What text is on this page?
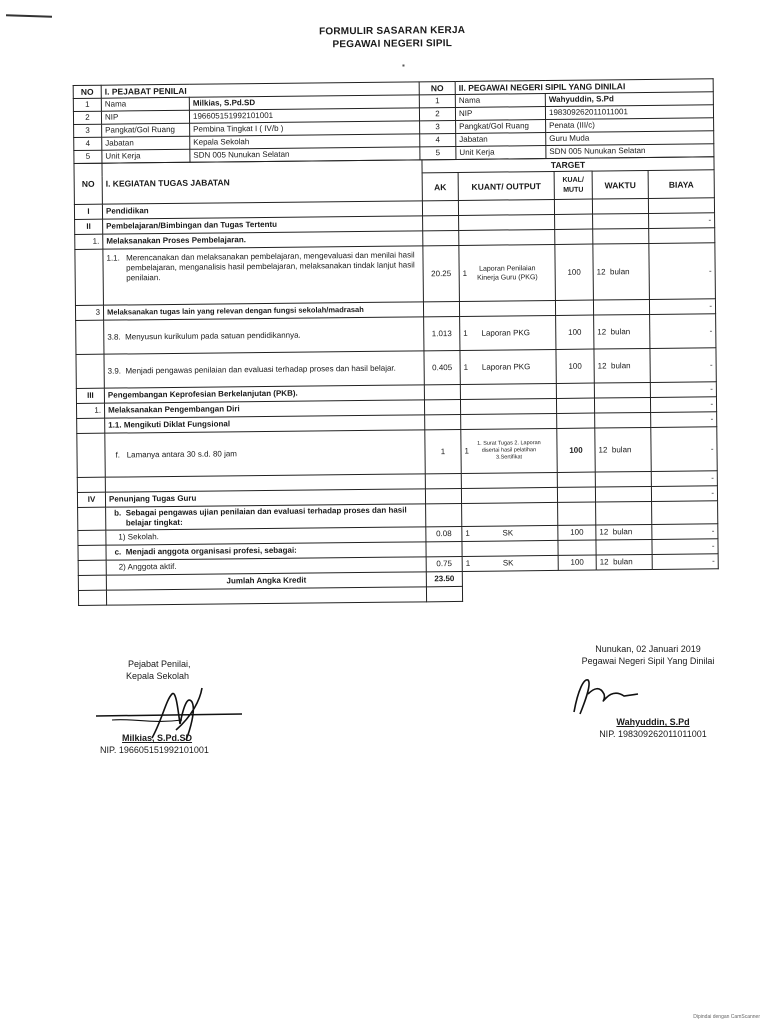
FORMULIR SASARAN KERJA
PEGAWAI NEGERI SIPIL
NO	I. PEJABAT PENILAI		NO	II. PEGAWAI NEGERI SIPIL YANG DINILAI	
1	Nama	Milkias, S.Pd.SD	1	Nama	Wahyuddin, S.Pd
2	NIP	196605151992101001	2	NIP	198309262011011001
3	Pangkat/Gol Ruang	Pembina Tingkat I ( IV/b )	3	Pangkat/Gol Ruang	Penata (III/c)
4	Jabatan	Kepala Sekolah	4	Jabatan	Guru Muda
5	Unit Kerja	SDN 005 Nunukan Selatan	5	Unit Kerja	SDN 005 Nunukan Selatan
NO	I. KEGIATAN TUGAS JABATAN	TARGET				
		AK	KUANT/ OUTPUT	KUAL/ MUTU	WAKTU	BIAYA
I	Pendidikan					
II	Pembelajaran/Bimbingan dan Tugas Tertentu					-
1.	Melaksanakan Proses Pembelajaran.					
	1.1. Merencanakan dan melaksanakan pembelajaran, mengevaluasi dan menilai hasil pembelajaran, menganalisis hasil pembelajaran, melaksanakan tindak lanjut hasil penilaian.	20.25	1 Laporan Penilaian Kinerja Guru (PKG)	100	12 bulan	-
3	Melaksanakan tugas lain yang relevan dengan fungsi sekolah/madrasah					-
	3.8. Menyusun kurikulum pada satuan pendidikannya.	1.013	1 Laporan PKG	100	12 bulan	-
	3.9. Menjadi pengawas penilaian dan evaluasi terhadap proses dan hasil belajar.	0.405	1 Laporan PKG	100	12 bulan	-
III	Pengembangan Keprofesian Berkelanjutan (PKB).					-
1.	Melaksanakan Pengembangan Diri					-
	1.1. Mengikuti Diklat Fungsional					-
	f. Lamanya antara 30 s.d. 80 jam	1	11. Surat Tugas 2. Laporan disertai hasil pelatihan 3.Sertifikat	100	12 bulan	-
						-
IV	Penunjang Tugas Guru					-
	b. Sebagai pengawas ujian penilaian dan evaluasi terhadap proses dan hasil belajar tingkat:					
	1) Sekolah.	0.08	1 SK	100	12 bulan	-
	c. Menjadi anggota organisasi profesi, sebagai:					-
	2) Anggota aktif.	0.75	1 SK	100	12 bulan	-
	Jumlah Angka Kredit	23.50				

Pejabat Penilai,
Kepala Sekolah
Milkias, S.Pd.SD
NIP. 196605151992101001
Nunukan, 02 Januari 2019
Pegawai Negeri Sipil Yang Dinilai
Wahyuddin, S.Pd
NIP. 198309262011011001
Dipindai dengan CamScanner
